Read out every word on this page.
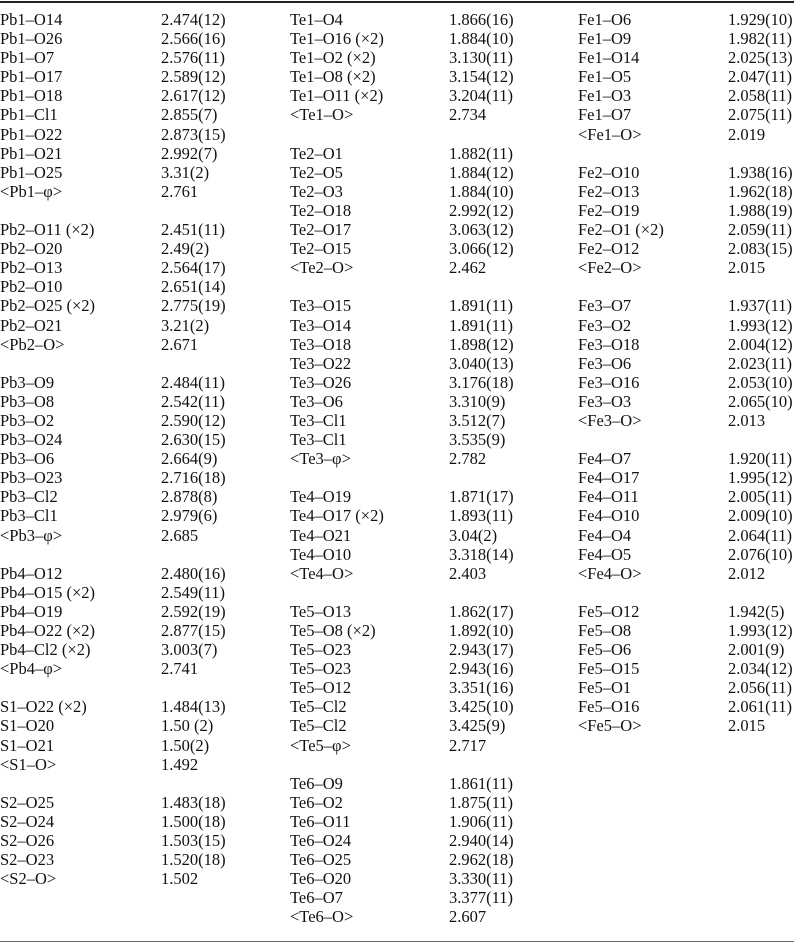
Pb1–O14	2.474(12)
Pb1–O26	2.566(16)
Pb1–O7	2.576(11)
Pb1–O17	2.589(12)
Pb1–O18	2.617(12)
Pb1–Cl1	2.855(7)
Pb1–O22	2.873(15)
Pb1–O21	2.992(7)
Pb1–O25	3.31(2)
<Pb1–φ>	2.761
Pb2–O11 (×2)	2.451(11)
Pb2–O20	2.49(2)
Pb2–O13	2.564(17)
Pb2–O10	2.651(14)
Pb2–O25 (×2)	2.775(19)
Pb2–O21	3.21(2)
<Pb2–O>	2.671
Pb3–O9	2.484(11)
Pb3–O8	2.542(11)
Pb3–O2	2.590(12)
Pb3–O24	2.630(15)
Pb3–O6	2.664(9)
Pb3–O23	2.716(18)
Pb3–Cl2	2.878(8)
Pb3–Cl1	2.979(6)
<Pb3–φ>	2.685
Pb4–O12	2.480(16)
Pb4–O15 (×2)	2.549(11)
Pb4–O19	2.592(19)
Pb4–O22 (×2)	2.877(15)
Pb4–Cl2 (×2)	3.003(7)
<Pb4–φ>	2.741
S1–O22 (×2)	1.484(13)
S1–O20	1.50 (2)
S1–O21	1.50(2)
<S1–O>	1.492
S2–O25	1.483(18)
S2–O24	1.500(18)
S2–O26	1.503(15)
S2–O23	1.520(18)
<S2–O>	1.502
Te1–O4	1.866(16)
Te1–O16 (×2)	1.884(10)
Te1–O2 (×2)	3.130(11)
Te1–O8 (×2)	3.154(12)
Te1–O11 (×2)	3.204(11)
<Te1–O>	2.734
Te2–O1	1.882(11)
Te2–O5	1.884(12)
Te2–O3	1.884(10)
Te2–O18	2.992(12)
Te2–O17	3.063(12)
Te2–O15	3.066(12)
<Te2–O>	2.462
Te3–O15	1.891(11)
Te3–O14	1.891(11)
Te3–O18	1.898(12)
Te3–O22	3.040(13)
Te3–O26	3.176(18)
Te3–O6	3.310(9)
Te3–Cl1	3.512(7)
Te3–Cl1	3.535(9)
<Te3–φ>	2.782
Te4–O19	1.871(17)
Te4–O17 (×2)	1.893(11)
Te4–O21	3.04(2)
Te4–O10	3.318(14)
<Te4–O>	2.403
Te5–O13	1.862(17)
Te5–O8 (×2)	1.892(10)
Te5–O23	2.943(17)
Te5–O23	2.943(16)
Te5–O12	3.351(16)
Te5–Cl2	3.425(10)
Te5–Cl2	3.425(9)
<Te5–φ>	2.717
Te6–O9	1.861(11)
Te6–O2	1.875(11)
Te6–O11	1.906(11)
Te6–O24	2.940(14)
Te6–O25	2.962(18)
Te6–O20	3.330(11)
Te6–O7	3.377(11)
<Te6–O>	2.607
Fe1–O6	1.929(10)
Fe1–O9	1.982(11)
Fe1–O14	2.025(13)
Fe1–O5	2.047(11)
Fe1–O3	2.058(11)
Fe1–O7	2.075(11)
<Fe1–O>	2.019
Fe2–O10	1.938(16)
Fe2–O13	1.962(18)
Fe2–O19	1.988(19)
Fe2–O1 (×2)	2.059(11)
Fe2–O12	2.083(15)
<Fe2–O>	2.015
Fe3–O7	1.937(11)
Fe3–O2	1.993(12)
Fe3–O18	2.004(12)
Fe3–O6	2.023(11)
Fe3–O16	2.053(10)
Fe3–O3	2.065(10)
<Fe3–O>	2.013
Fe4–O7	1.920(11)
Fe4–O17	1.995(12)
Fe4–O11	2.005(11)
Fe4–O10	2.009(10)
Fe4–O4	2.064(11)
Fe4–O5	2.076(10)
<Fe4–O>	2.012
Fe5–O12	1.942(5)
Fe5–O8	1.993(12)
Fe5–O6	2.001(9)
Fe5–O15	2.034(12)
Fe5–O1	2.056(11)
Fe5–O16	2.061(11)
<Fe5–O>	2.015
